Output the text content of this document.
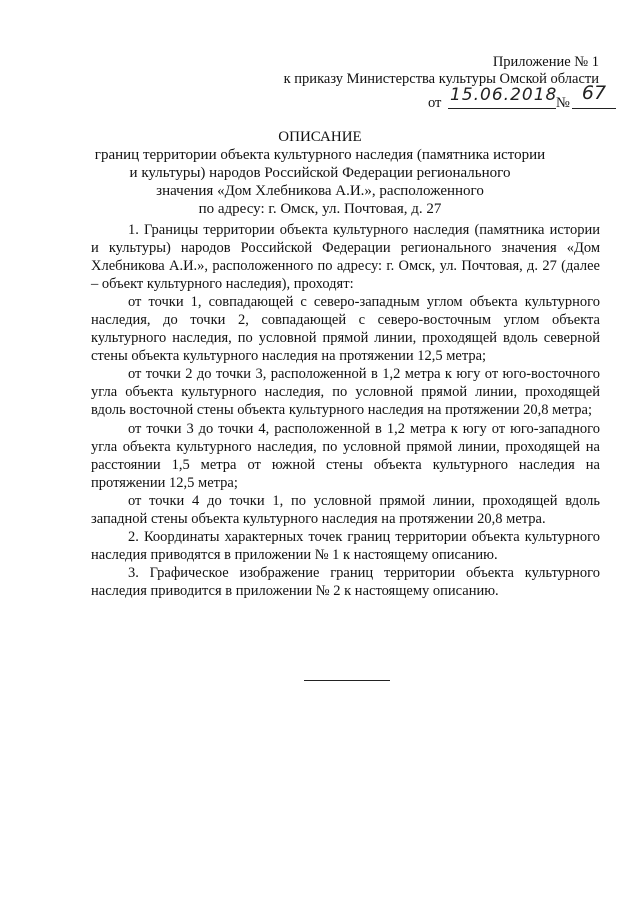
Приложение № 1
к приказу Министерства культуры Омской области
от 15.06.2018
№ 67
ОПИСАНИЕ
границ территории объекта культурного наследия (памятника истории
и культуры) народов Российской Федерации регионального
значения «Дом Хлебникова А.И.», расположенного
по адресу: г. Омск, ул. Почтовая, д. 27

1. Границы территории объекта культурного наследия (памятника истории и культуры) народов Российской Федерации регионального значения «Дом Хлебникова А.И.», расположенного по адресу: г. Омск, ул. Почтовая, д. 27 (далее – объект культурного наследия), проходят:

от точки 1, совпадающей с северо-западным углом объекта культурного наследия, до точки 2, совпадающей с северо-восточным углом объекта культурного наследия, по условной прямой линии, проходящей вдоль северной стены объекта культурного наследия на протяжении 12,5 метра;

от точки 2 до точки 3, расположенной в 1,2 метра к югу от юго-восточного угла объекта культурного наследия, по условной прямой линии, проходящей вдоль восточной стены объекта культурного наследия на протяжении 20,8 метра;

от точки 3 до точки 4, расположенной в 1,2 метра к югу от юго-западного угла объекта культурного наследия, по условной прямой линии, проходящей на расстоянии 1,5 метра от южной стены объекта культурного наследия на протяжении 12,5 метра;

от точки 4 до точки 1, по условной прямой линии, проходящей вдоль западной стены объекта культурного наследия на протяжении 20,8 метра.

2. Координаты характерных точек границ территории объекта культурного наследия приводятся в приложении № 1 к настоящему описанию.

3. Графическое изображение границ территории объекта культурного наследия приводится в приложении № 2 к настоящему описанию.
